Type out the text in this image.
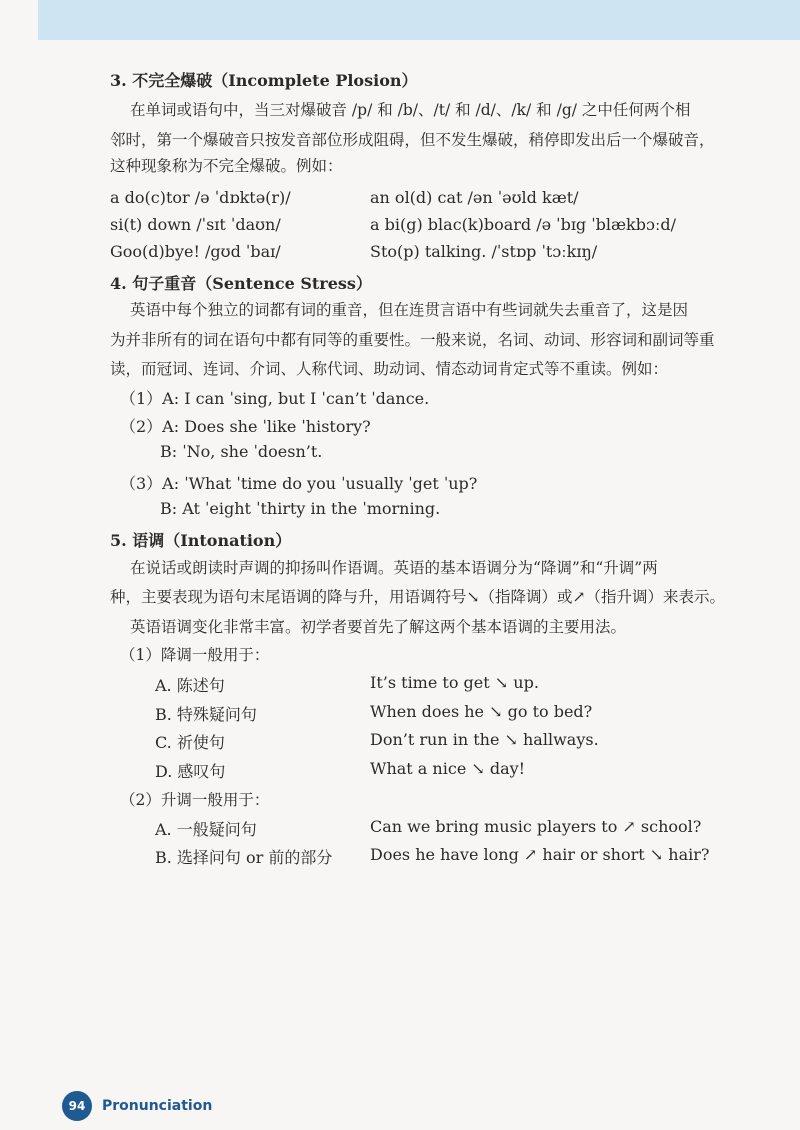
3. 不完全爆破（Incomplete Plosion）
在单词或语句中，当三对爆破音 /p/ 和 /b/、/t/ 和 /d/、/k/ 和 /g/ 之中任何两个相
邻时，第一个爆破音只按发音部位形成阻碍，但不发生爆破，稍停即发出后一个爆破音，
这种现象称为不完全爆破。例如：
a do(c)tor /ə ˈdɒktə(r)/	an ol(d) cat /ən ˈəʊld kæt/
si(t) down /ˈsɪt ˈdaʊn/	a bi(g) blac(k)board /ə ˈbɪg ˈblækbɔːd/
Goo(d)bye! /gʊd ˈbaɪ/	Sto(p) talking. /ˈstɒp ˈtɔːkɪŋ/
4. 句子重音（Sentence Stress）
英语中每个独立的词都有词的重音，但在连贯言语中有些词就失去重音了，这是因
为并非所有的词在语句中都有同等的重要性。一般来说，名词、动词、形容词和副词等重
读，而冠词、连词、介词、人称代词、助动词、情态动词肯定式等不重读。例如：
（1）A: I can ˈsing, but I ˈcan’t ˈdance.
（2）A: Does she ˈlike ˈhistory?
B: ˈNo, she ˈdoesn’t.
（3）A: ˈWhat ˈtime do you ˈusually ˈget ˈup?
B: At ˈeight ˈthirty in the ˈmorning.
5. 语调（Intonation）
在说话或朗读时声调的抑扬叫作语调。英语的基本语调分为“降调”和“升调”两
种，主要表现为语句末尾语调的降与升，用语调符号↘（指降调）或↗（指升调）来表示。
英语语调变化非常丰富。初学者要首先了解这两个基本语调的主要用法。
（1）降调一般用于：
A. 陈述句	It’s time to get ↘ up.
B. 特殊疑问句	When does he ↘ go to bed?
C. 祈使句	Don’t run in the ↘ hallways.
D. 感叹句	What a nice ↘ day!
（2）升调一般用于：
A. 一般疑问句	Can we bring music players to ↗ school?
B. 选择问句 or 前的部分 Does he have long ↗ hair or short ↘ hair?
94	Pronunciation
